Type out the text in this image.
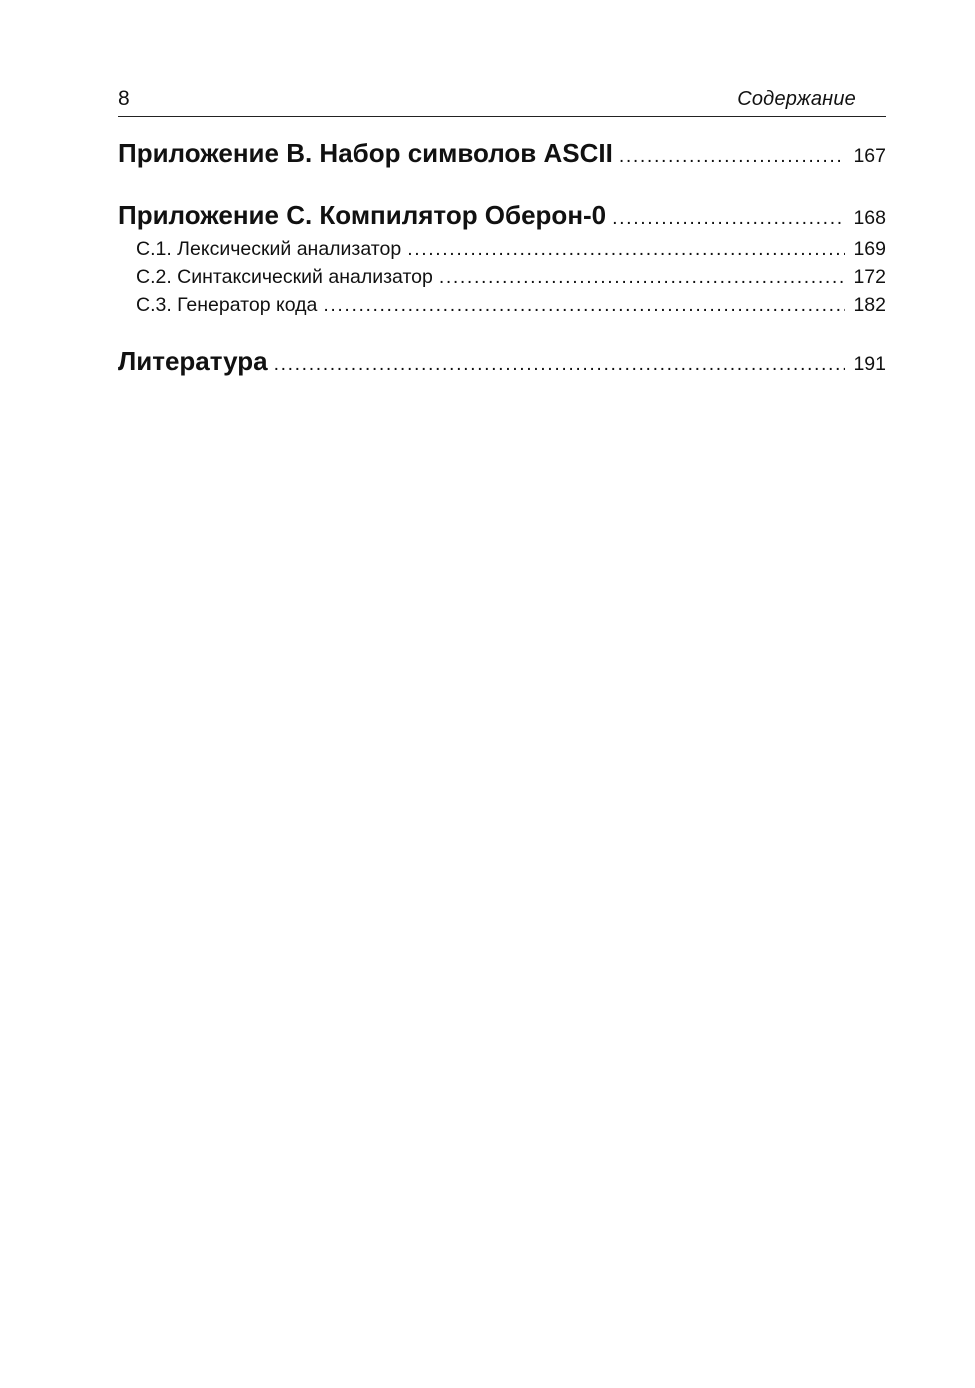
8	Содержание
Приложение B. Набор символов ASCII .....	167
Приложение C. Компилятор Оберон-0 .....	168
C.1. Лексический анализатор .....	169
C.2. Синтаксический анализатор .....	172
C.3. Генератор кода .....	182
Литература .....	191
